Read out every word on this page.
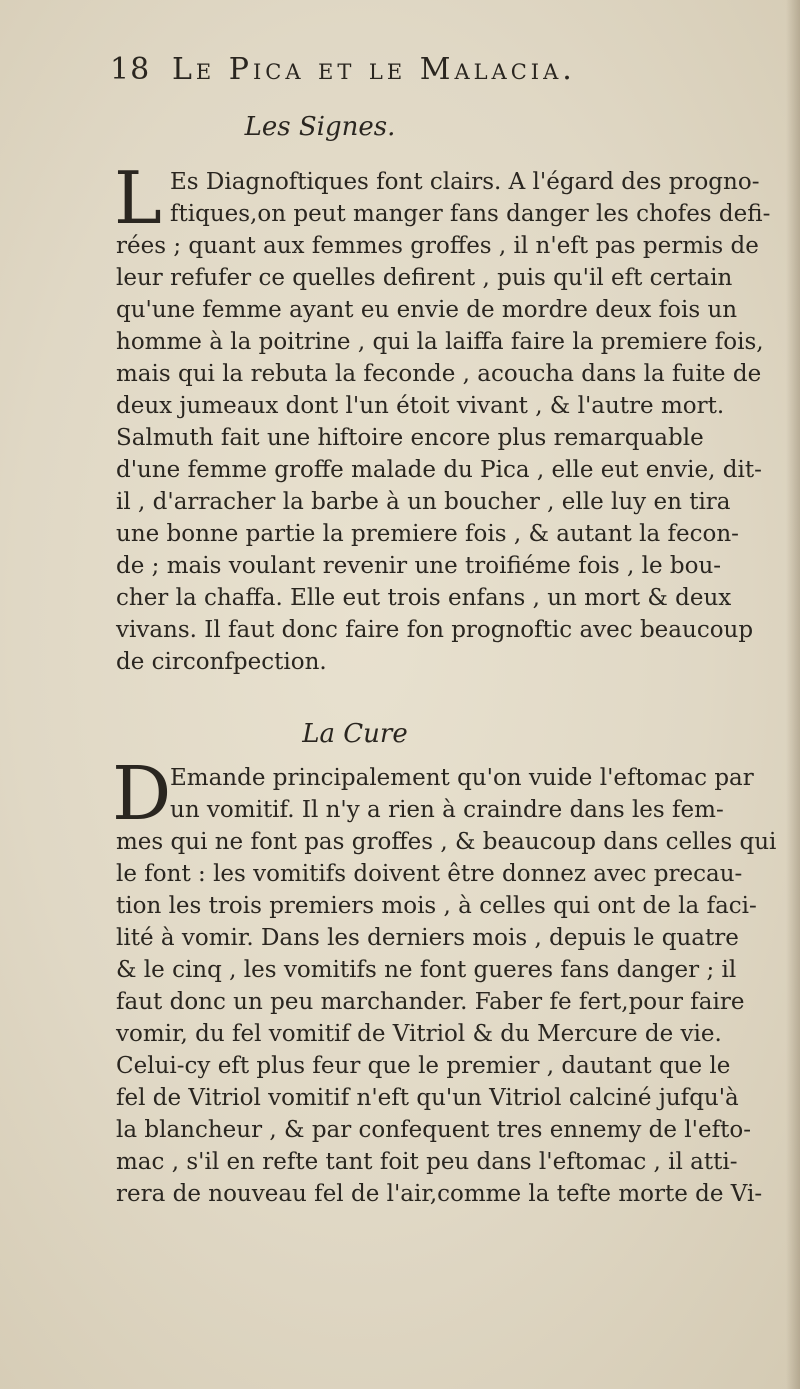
18 Le Pica et le Malacia.
Les Signes.
L Es Diagnoftiques font clairs. A l'égard des progno-
ftiques,on peut manger fans danger les chofes defi-
rées ; quant aux femmes groffes , il n'eft pas permis de
leur refufer ce quelles defirent , puis qu'il eft certain
qu'une femme ayant eu envie de mordre deux fois un
homme à la poitrine , qui la laiffa faire la premiere fois,
mais qui la rebuta la feconde , acoucha dans la fuite de
deux jumeaux dont l'un étoit vivant , & l'autre mort.
Salmuth fait une hiftoire encore plus remarquable
d'une femme groffe malade du Pica , elle eut envie, dit-
il , d'arracher la barbe à un boucher , elle luy en tira
une bonne partie la premiere fois , & autant la fecon-
de ; mais voulant revenir une troifiéme fois , le bou-
cher la chaffa. Elle eut trois enfans , un mort & deux
vivans. Il faut donc faire fon prognoftic avec beaucoup
de circonfpection.
La Cure
D
Emande principalement qu'on vuide l'eftomac par
un vomitif. Il n'y a rien à craindre dans les fem-
mes qui ne font pas groffes , & beaucoup dans celles qui
le font : les vomitifs doivent être donnez avec precau-
tion les trois premiers mois , à celles qui ont de la faci-
lité à vomir. Dans les derniers mois , depuis le quatre
& le cinq , les vomitifs ne font gueres fans danger ; il
faut donc un peu marchander. Faber fe fert,pour faire
vomir, du fel vomitif de Vitriol & du Mercure de vie.
Celui-cy eft plus feur que le premier , dautant que le
fel de Vitriol vomitif n'eft qu'un Vitriol calciné jufqu'à
la blancheur , & par confequent tres ennemy de l'efto-
mac , s'il en refte tant foit peu dans l'eftomac , il atti-
rera de nouveau fel de l'air,comme la tefte morte de Vi-
